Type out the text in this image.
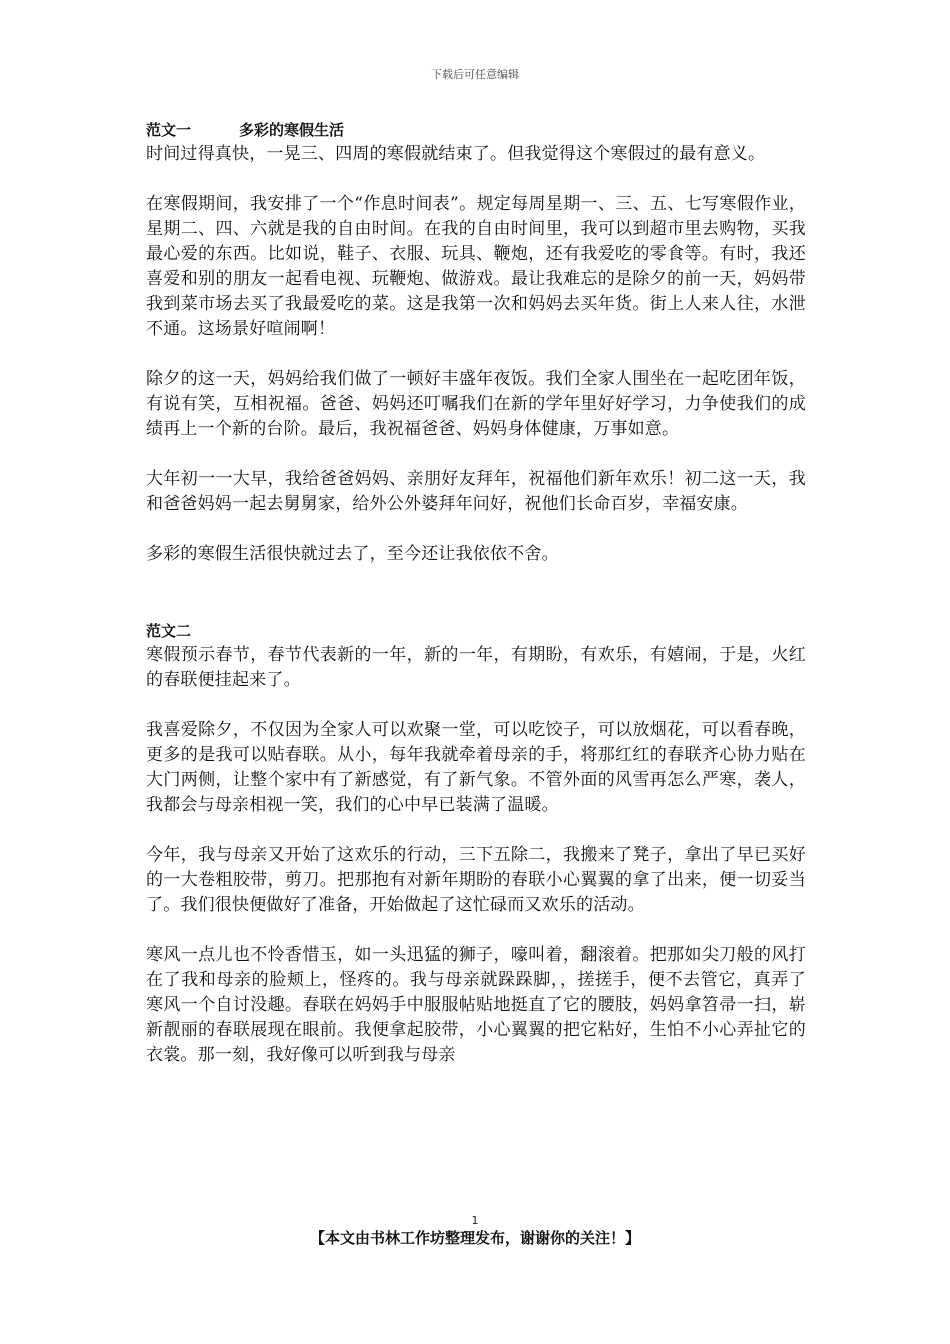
下载后可任意编辑
范文一	多彩的寒假生活

时间过得真快，一晃三、四周的寒假就结束了。但我觉得这个寒假过的最有意义。

在寒假期间，我安排了一个“作息时间表”。规定每周星期一、三、五、七写寒假作业，星期二、四、六就是我的自由时间。在我的自由时间里，我可以到超市里去购物，买我最心爱的东西。比如说，鞋子、衣服、玩具、鞭炮，还有我爱吃的零食等。有时，我还喜爱和别的朋友一起看电视、玩鞭炮、做游戏。最让我难忘的是除夕的前一天，妈妈带我到菜市场去买了我最爱吃的菜。这是我第一次和妈妈去买年货。街上人来人往，水泄不通。这场景好喧闹啊！

除夕的这一天，妈妈给我们做了一顿好丰盛年夜饭。我们全家人围坐在一起吃团年饭，有说有笑，互相祝福。爸爸、妈妈还叮嘱我们在新的学年里好好学习，力争使我们的成绩再上一个新的台阶。最后，我祝福爸爸、妈妈身体健康，万事如意。

大年初一一大早，我给爸爸妈妈、亲朋好友拜年，祝福他们新年欢乐！初二这一天，我和爸爸妈妈一起去舅舅家，给外公外婆拜年问好，祝他们长命百岁，幸福安康。

多彩的寒假生活很快就过去了，至今还让我依依不舍。

范文二

寒假预示春节，春节代表新的一年，新的一年，有期盼，有欢乐，有嬉闹，于是，火红的春联便挂起来了。

我喜爱除夕，不仅因为全家人可以欢聚一堂，可以吃饺子，可以放烟花，可以看春晚，更多的是我可以贴春联。从小，每年我就牵着母亲的手，将那红红的春联齐心协力贴在大门两侧，让整个家中有了新感觉，有了新气象。不管外面的风雪再怎么严寒，袭人，我都会与母亲相视一笑，我们的心中早已装满了温暖。

今年，我与母亲又开始了这欢乐的行动，三下五除二，我搬来了凳子，拿出了早已买好的一大卷粗胶带，剪刀。把那抱有对新年期盼的春联小心翼翼的拿了出来，便一切妥当了。我们很快便做好了准备，开始做起了这忙碌而又欢乐的活动。

寒风一点儿也不怜香惜玉，如一头迅猛的狮子，嚎叫着，翻滚着。把那如尖刀般的风打在了我和母亲的脸颊上，怪疼的。我与母亲就跺跺脚，，搓搓手，便不去管它，真弄了寒风一个自讨没趣。春联在妈妈手中服服帖贴地挺直了它的腰肢，妈妈拿笤帚一扫，崭新靓丽的春联展现在眼前。我便拿起胶带，小心翼翼的把它粘好，生怕不小心弄扯它的衣裳。那一刻，我好像可以听到我与母亲

1
【本文由书林工作坊整理发布，谢谢你的关注！】
